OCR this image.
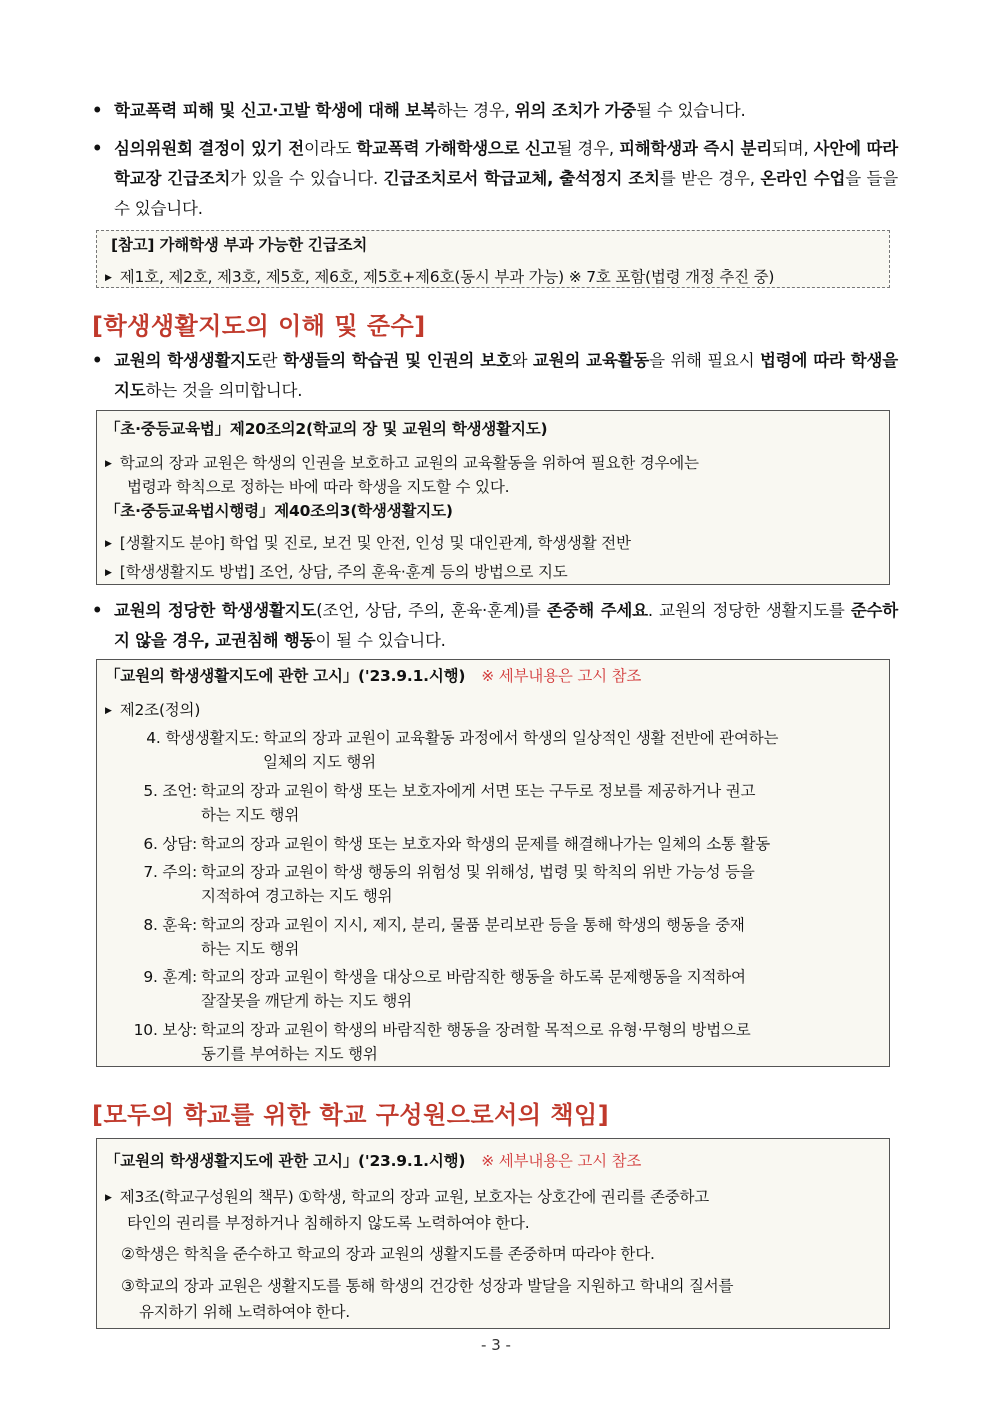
• 학교폭력 피해 및 신고·고발 학생에 대해 보복하는 경우, 위의 조치가 가중될 수 있습니다.
• 심의위원회 결정이 있기 전이라도 학교폭력 가해학생으로 신고될 경우, 피해학생과 즉시 분리되며, 사안에 따라 학교장 긴급조치가 있을 수 있습니다. 긴급조치로서 학급교체, 출석정지 조치를 받은 경우, 온라인 수업을 들을 수 있습니다.
[참고] 가해학생 부과 가능한 긴급조치
▶ 제1호, 제2호, 제3호, 제5호, 제6호, 제5호+제6호(동시 부과 가능) ※ 7호 포함(법령 개정 추진 중)
[학생생활지도의 이해 및 준수]
• 교원의 학생생활지도란 학생들의 학습권 및 인권의 보호와 교원의 교육활동을 위해 필요시 법령에 따라 학생을 지도하는 것을 의미합니다.
「초·중등교육법」제20조의2(학교의 장 및 교원의 학생생활지도)
▶ 학교의 장과 교원은 학생의 인권을 보호하고 교원의 교육활동을 위하여 필요한 경우에는
법령과 학칙으로 정하는 바에 따라 학생을 지도할 수 있다.
「초·중등교육법시행령」제40조의3(학생생활지도)
▶ [생활지도 분야] 학업 및 진로, 보건 및 안전, 인성 및 대인관계, 학생생활 전반
▶ [학생생활지도 방법] 조언, 상담, 주의 훈육·훈계 등의 방법으로 지도
• 교원의 정당한 학생생활지도(조언, 상담, 주의, 훈육·훈계)를 존중해 주세요. 교원의 정당한 생활지도를 준수하지 않을 경우, 교권침해 행동이 될 수 있습니다.
「교원의 학생생활지도에 관한 고시」('23.9.1.시행) ※ 세부내용은 고시 참조
▶ 제2조(정의)
4. 학생생활지도: 학교의 장과 교원이 교육활동 과정에서 학생의 일상적인 생활 전반에 관여하는
일체의 지도 행위
5. 조언: 학교의 장과 교원이 학생 또는 보호자에게 서면 또는 구두로 정보를 제공하거나 권고
하는 지도 행위
6. 상담: 학교의 장과 교원이 학생 또는 보호자와 학생의 문제를 해결해나가는 일체의 소통 활동
7. 주의: 학교의 장과 교원이 학생 행동의 위험성 및 위해성, 법령 및 학칙의 위반 가능성 등을
지적하여 경고하는 지도 행위
8. 훈육: 학교의 장과 교원이 지시, 제지, 분리, 물품 분리보관 등을 통해 학생의 행동을 중재
하는 지도 행위
9. 훈계: 학교의 장과 교원이 학생을 대상으로 바람직한 행동을 하도록 문제행동을 지적하여
잘잘못을 깨닫게 하는 지도 행위
10. 보상: 학교의 장과 교원이 학생의 바람직한 행동을 장려할 목적으로 유형·무형의 방법으로
동기를 부여하는 지도 행위
[모두의 학교를 위한 학교 구성원으로서의 책임]
「교원의 학생생활지도에 관한 고시」('23.9.1.시행) ※ 세부내용은 고시 참조
▶ 제3조(학교구성원의 책무) ①학생, 학교의 장과 교원, 보호자는 상호간에 권리를 존중하고
타인의 권리를 부정하거나 침해하지 않도록 노력하여야 한다.
②학생은 학칙을 준수하고 학교의 장과 교원의 생활지도를 존중하며 따라야 한다.
③학교의 장과 교원은 생활지도를 통해 학생의 건강한 성장과 발달을 지원하고 학내의 질서를
유지하기 위해 노력하여야 한다.
- 3 -
